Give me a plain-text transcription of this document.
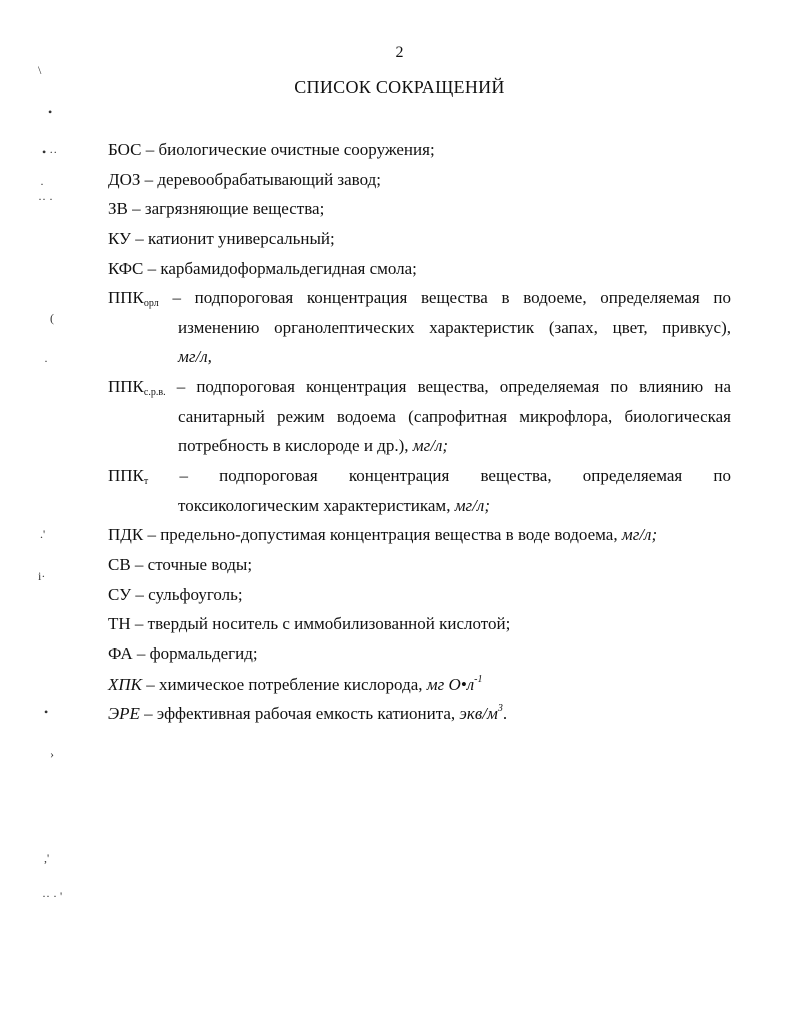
2
СПИСОК СОКРАЩЕНИЙ
БОС – биологические очистные сооружения;
ДОЗ – деревообрабатывающий завод;
ЗВ – загрязняющие вещества;
КУ – катионит универсальный;
КФС – карбамидоформальдегидная смола;
$ППК_{орл}$ – подпороговая концентрация вещества в водоеме, определяемая по
изменению органолептических характеристик (запах, цвет, привкус),
мг/л,
$ППК_{с.р.в.}$ – подпороговая концентрация вещества, определяемая по влиянию на
санитарный режим водоема (сапрофитная микрофлора, биологическая
потребность в кислороде и др.), мг/л;
$ППК_т$ – подпороговая концентрация вещества, определяемая по
токсикологическим характеристикам, мг/л;
ПДК – предельно-допустимая концентрация вещества в воде водоема, мг/л;
СВ – сточные воды;
СУ – сульфоуголь;
ТН – твердый носитель с иммобилизованной кислотой;
ФА – формальдегид;
ХПК – химическое потребление кислорода, мг $О•л^{-1}$
ЭРЕ – эффективная рабочая емкость катионита, экв/$м^3$.
\
•
• ··
·
·· ·
(
·
.'
i·
•
›
,'
·· · '
